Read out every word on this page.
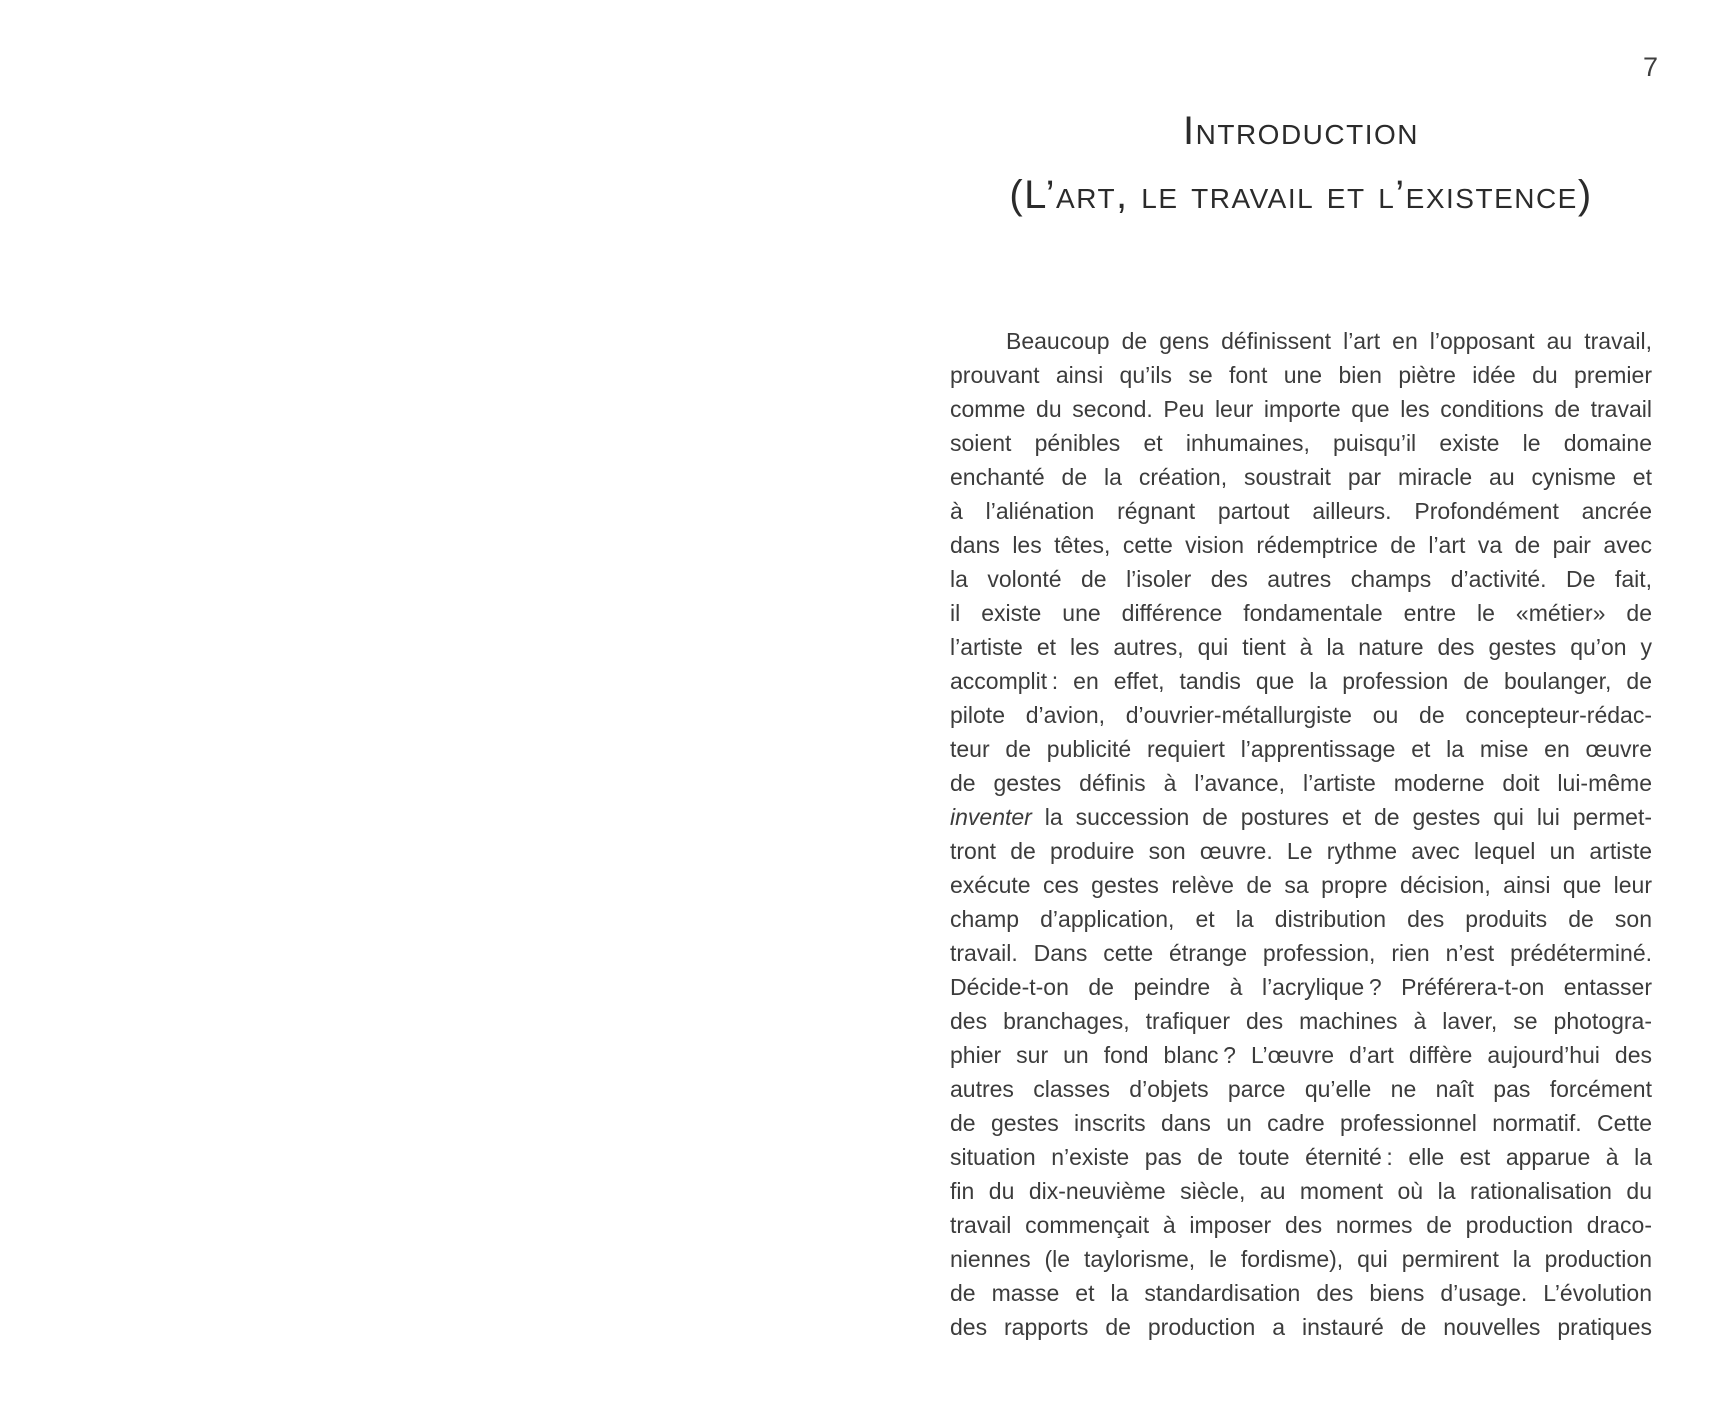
7
Introduction
(L’art, le travail et l’existence)
Beaucoup de gens définissent l’art en l’opposant au travail,
prouvant ainsi qu’ils se font une bien piètre idée du premier
comme du second. Peu leur importe que les conditions de travail
soient pénibles et inhumaines, puisqu’il existe le domaine
enchanté de la création, soustrait par miracle au cynisme et
à l’aliénation régnant partout ailleurs. Profondément ancrée
dans les têtes, cette vision rédemptrice de l’art va de pair avec
la volonté de l’isoler des autres champs d’activité. De fait,
il existe une différence fondamentale entre le «métier» de
l’artiste et les autres, qui tient à la nature des gestes qu’on y
accomplit : en effet, tandis que la profession de boulanger, de
pilote d’avion, d’ouvrier-métallurgiste ou de concepteur-rédac-
teur de publicité requiert l’apprentissage et la mise en œuvre
de gestes définis à l’avance, l’artiste moderne doit lui-même
inventer la succession de postures et de gestes qui lui permet-
tront de produire son œuvre. Le rythme avec lequel un artiste
exécute ces gestes relève de sa propre décision, ainsi que leur
champ d’application, et la distribution des produits de son
travail. Dans cette étrange profession, rien n’est prédéterminé.
Décide-t-on de peindre à l’acrylique ? Préférera-t-on entasser
des branchages, trafiquer des machines à laver, se photogra-
phier sur un fond blanc ? L’œuvre d’art diffère aujourd’hui des
autres classes d’objets parce qu’elle ne naît pas forcément
de gestes inscrits dans un cadre professionnel normatif. Cette
situation n’existe pas de toute éternité : elle est apparue à la
fin du dix-neuvième siècle, au moment où la rationalisation du
travail commençait à imposer des normes de production draco-
niennes (le taylorisme, le fordisme), qui permirent la production
de masse et la standardisation des biens d’usage. L’évolution
des rapports de production a instauré de nouvelles pratiques
